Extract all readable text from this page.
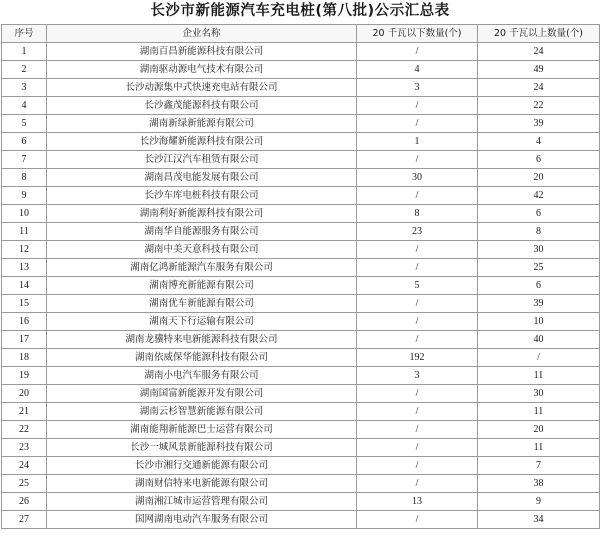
长沙市新能源汽车充电桩(第八批)公示汇总表
序号	企业名称	20 千瓦以下数量(个)	20 千瓦以上数量(个)
1	湖南百昌新能源科技有限公司	/	24
2	湖南驱动源电气技术有限公司	4	49
3	长沙动源集中式快速充电站有限公司	3	24
4	长沙鑫茂能源科技有限公司	/	22
5	湖南新绿新能源有限公司	/	39
6	长沙海耀新能源科技有限公司	1	4
7	长沙江汉汽车租赁有限公司	/	6
8	湖南昌茂电能发展有限公司	30	20
9	长沙车库电桩科技有限公司	/	42
10	湖南利好新能源科技有限公司	8	6
11	湖南华自能源服务有限公司	23	8
12	湖南中美天意科技有限公司	/	30
13	湖南亿鸿新能源汽车服务有限公司	/	25
14	湖南博充新能源有限公司	5	6
15	湖南优车新能源有限公司	/	39
16	湖南天下行运输有限公司	/	10
17	湖南龙骥特来电新能源科技有限公司	/	40
18	湖南依威保华能源科技有限公司	192	/
19	湖南小电汽车服务有限公司	3	11
20	湖南国富新能源开发有限公司	/	30
21	湖南云杉智慧新能源有限公司	/	11
22	湖南能翔新能源巴士运营有限公司	/	20
23	长沙一城风景新能源科技有限公司	/	11
24	长沙市湘行交通新能源有限公司	/	7
25	湖南财信特来电新能源有限公司	/	38
26	湖南湘江城市运营管理有限公司	13	9
27	国网湖南电动汽车服务有限公司	/	34
